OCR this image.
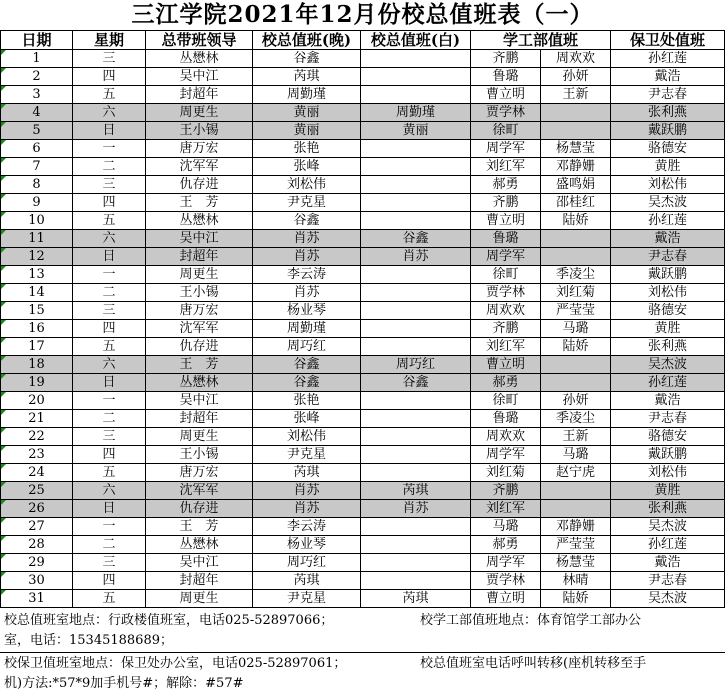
三江学院2021年12月份校总值班表（一）
日期	星期	总带班领导	校总值班(晚)	校总值班(白)	学工部值班		保卫处值班
1	三	丛懋林	谷鑫		齐鹏	周欢欢	孙红莲
2	四	吴中江	芮琪		鲁璐	孙妍	戴浩
3	五	封超年	周勤瑾		曹立明	王新	尹志春
4	六	周更生	黄丽	周勤瑾	贾学林		张利燕
5	日	王小锡	黄丽	黄丽	徐町		戴跃鹏
6	一	唐万宏	张艳		周学军	杨慧莹	骆德安
7	二	沈军军	张峰		刘红军	邓静姗	黄胜
8	三	仇存进	刘松伟		郝勇	盛鸣娟	刘松伟
9	四	王　芳	尹克星		齐鹏	邵桂红	吴杰波
10	五	丛懋林	谷鑫		曹立明	陆娇	孙红莲
11	六	吴中江	肖苏	谷鑫	鲁璐		戴浩
12	日	封超年	肖苏	肖苏	周学军		尹志春
13	一	周更生	李云涛		徐町	季凌尘	戴跃鹏
14	二	王小锡	肖苏		贾学林	刘红菊	刘松伟
15	三	唐万宏	杨业琴		周欢欢	严莹莹	骆德安
16	四	沈军军	周勤瑾		齐鹏	马璐	黄胜
17	五	仇存进	周巧红		刘红军	陆娇	张利燕
18	六	王　芳	谷鑫	周巧红	曹立明		吴杰波
19	日	丛懋林	谷鑫	谷鑫	郝勇		孙红莲
20	一	吴中江	张艳		徐町	孙妍	戴浩
21	二	封超年	张峰		鲁璐	季凌尘	尹志春
22	三	周更生	刘松伟		周欢欢	王新	骆德安
23	四	王小锡	尹克星		周学军	马璐	戴跃鹏
24	五	唐万宏	芮琪		刘红菊	赵宁虎	刘松伟
25	六	沈军军	肖苏	芮琪	齐鹏		黄胜
26	日	仇存进	肖苏	肖苏	刘红军		张利燕
27	一	王　芳	李云涛		马璐	邓静姗	吴杰波
28	二	丛懋林	杨业琴		郝勇	严莹莹	孙红莲
29	三	吴中江	周巧红		周学军	杨慧莹	戴浩
30	四	封超年	芮琪		贾学林	林晴	尹志春
31	五	周更生	尹克星	芮琪	曹立明	陆娇	吴杰波
校总值班室地点：行政楼值班室，电话025-52897066；
室，电话：15345188689；
校学工部值班地点：体育馆学工部办公
校保卫值班室地点：保卫处办公室，电话025-52897061；	校总值班室电话呼叫转移(座机转移至手
机)方法:*57*9加手机号#；解除：#57#
